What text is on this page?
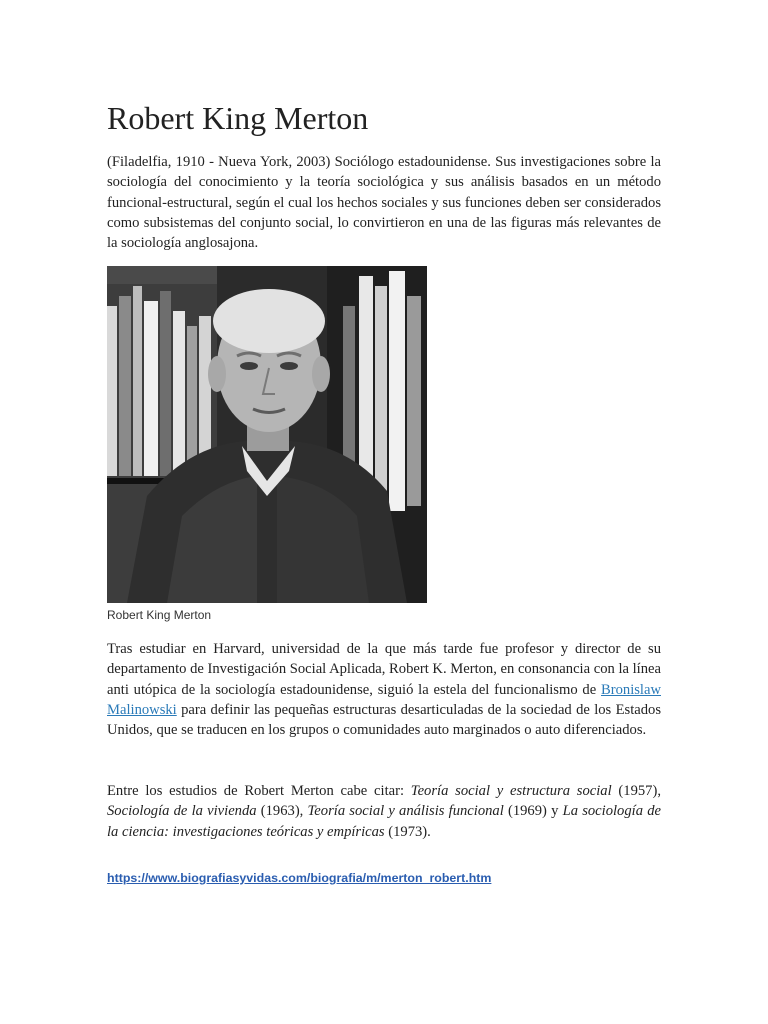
Robert King Merton

(Filadelfia, 1910 - Nueva York, 2003) Sociólogo estadounidense. Sus investigaciones sobre la sociología del conocimiento y la teoría sociológica y sus análisis basados en un método funcional-estructural, según el cual los hechos sociales y sus funciones deben ser considerados como subsistemas del conjunto social, lo convirtieron en una de las figuras más relevantes de la sociología anglosajona.

Robert King Merton

Tras estudiar en Harvard, universidad de la que más tarde fue profesor y director de su departamento de Investigación Social Aplicada, Robert K. Merton, en consonancia con la línea anti utópica de la sociología estadounidense, siguió la estela del funcionalismo de Bronislaw Malinowski para definir las pequeñas estructuras desarticuladas de la sociedad de los Estados Unidos, que se traducen en los grupos o comunidades auto marginados o auto diferenciados.

Entre los estudios de Robert Merton cabe citar: Teoría social y estructura social (1957), Sociología de la vivienda (1963), Teoría social y análisis funcional (1969) y La sociología de la ciencia: investigaciones teóricas y empíricas (1973).

https://www.biografiasyvidas.com/biografia/m/merton_robert.htm
